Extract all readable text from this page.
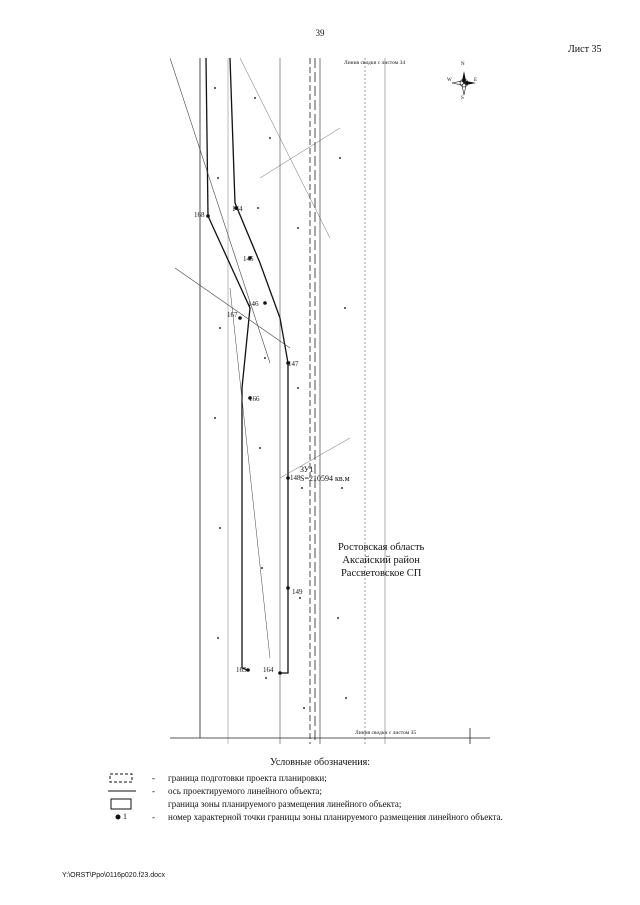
39
Лист 35
Линия сводки с листом 34
Линия сводки с листом 35
168
144
145
146
167
147
166
148
149
165 164
ЗУ1
S=210594 кв.м
Ростовская область
Аксайский район
Рассветовское СП
N
E
S
W
Условные обозначения:
- граница подготовки проекта планировки;
- ось проектируемого линейного объекта;
граница зоны планируемого размещения линейного объекта;
1	- номер характерной точки границы зоны планируемого размещения линейного объекта.
Y:\ORST\Ppo\0116p020.f23.docx
